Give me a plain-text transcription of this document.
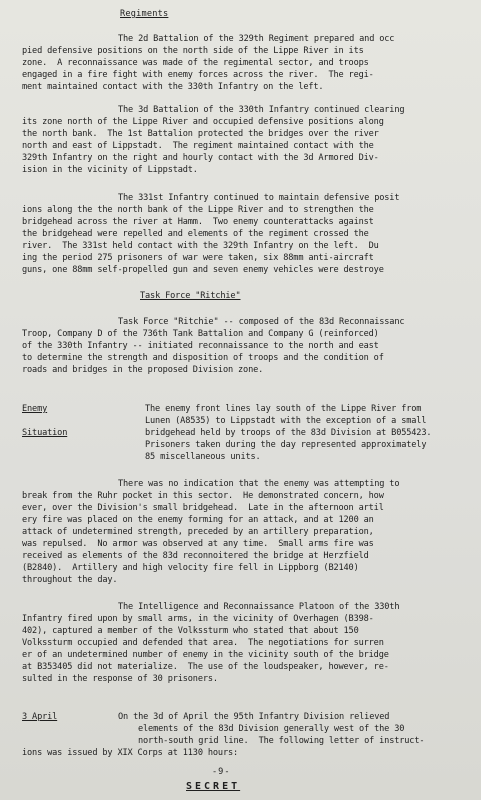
Regiments
The 2d Battalion of the 329th Regiment prepared and occ
pied defensive positions on the north side of the Lippe River in its
zone.  A reconnaissance was made of the regimental sector, and troops
engaged in a fire fight with enemy forces across the river.  The regi-
ment maintained contact with the 330th Infantry on the left.
The 3d Battalion of the 330th Infantry continued clearing
its zone north of the Lippe River and occupied defensive positions along
the north bank.  The 1st Battalion protected the bridges over the river
north and east of Lippstadt.  The regiment maintained contact with the
329th Infantry on the right and hourly contact with the 3d Armored Div-
ision in the vicinity of Lippstadt.
The 331st Infantry continued to maintain defensive posit
ions along the the north bank of the Lippe River and to strengthen the
bridgehead across the river at Hamm.  Two enemy counterattacks against
the bridgehead were repelled and elements of the regiment crossed the
river.  The 331st held contact with the 329th Infantry on the left.  Du
ing the period 275 prisoners of war were taken, six 88mm anti-aircraft
guns, one 88mm self-propelled gun and seven enemy vehicles were destroye
Task Force "Ritchie"
Task Force "Ritchie" -- composed of the 83d Reconnaissanc
Troop, Company D of the 736th Tank Battalion and Company G (reinforced)
of the 330th Infantry -- initiated reconnaissance to the north and east
to determine the strength and disposition of troops and the condition of
roads and bridges in the proposed Division zone.
Enemy
Situation
The enemy front lines lay south of the Lippe River from
Lunen (A8535) to Lippstadt with the exception of a small
bridgehead held by troops of the 83d Division at B055423.
Prisoners taken during the day represented approximately
85 miscellaneous units.
There was no indication that the enemy was attempting to
break from the Ruhr pocket in this sector.  He demonstrated concern, how
ever, over the Division's small bridgehead.  Late in the afternoon artil
ery fire was placed on the enemy forming for an attack, and at 1200 an
attack of undetermined strength, preceded by an artillery preparation,
was repulsed.  No armor was observed at any time.  Small arms fire was
received as elements of the 83d reconnoitered the bridge at Herzfield
(B2840).  Artillery and high velocity fire fell in Lippborg (B2140)
throughout the day.
The Intelligence and Reconnaissance Platoon of the 330th
Infantry fired upon by small arms, in the vicinity of Overhagen (B398-
402), captured a member of the Volkssturm who stated that about 150
Volkssturm occupied and defended that area.  The negotiations for surren
er of an undetermined number of enemy in the vicinity south of the bridge
at B353405 did not materialize.  The use of the loudspeaker, however, re-
sulted in the response of 30 prisoners.
3 April	On the 3d of April the 95th Infantry Division relieved
elements of the 83d Division generally west of the 30
north-south grid line.  The following letter of instruct-
ions was issued by XIX Corps at 1130 hours:
-9-
SECRET
